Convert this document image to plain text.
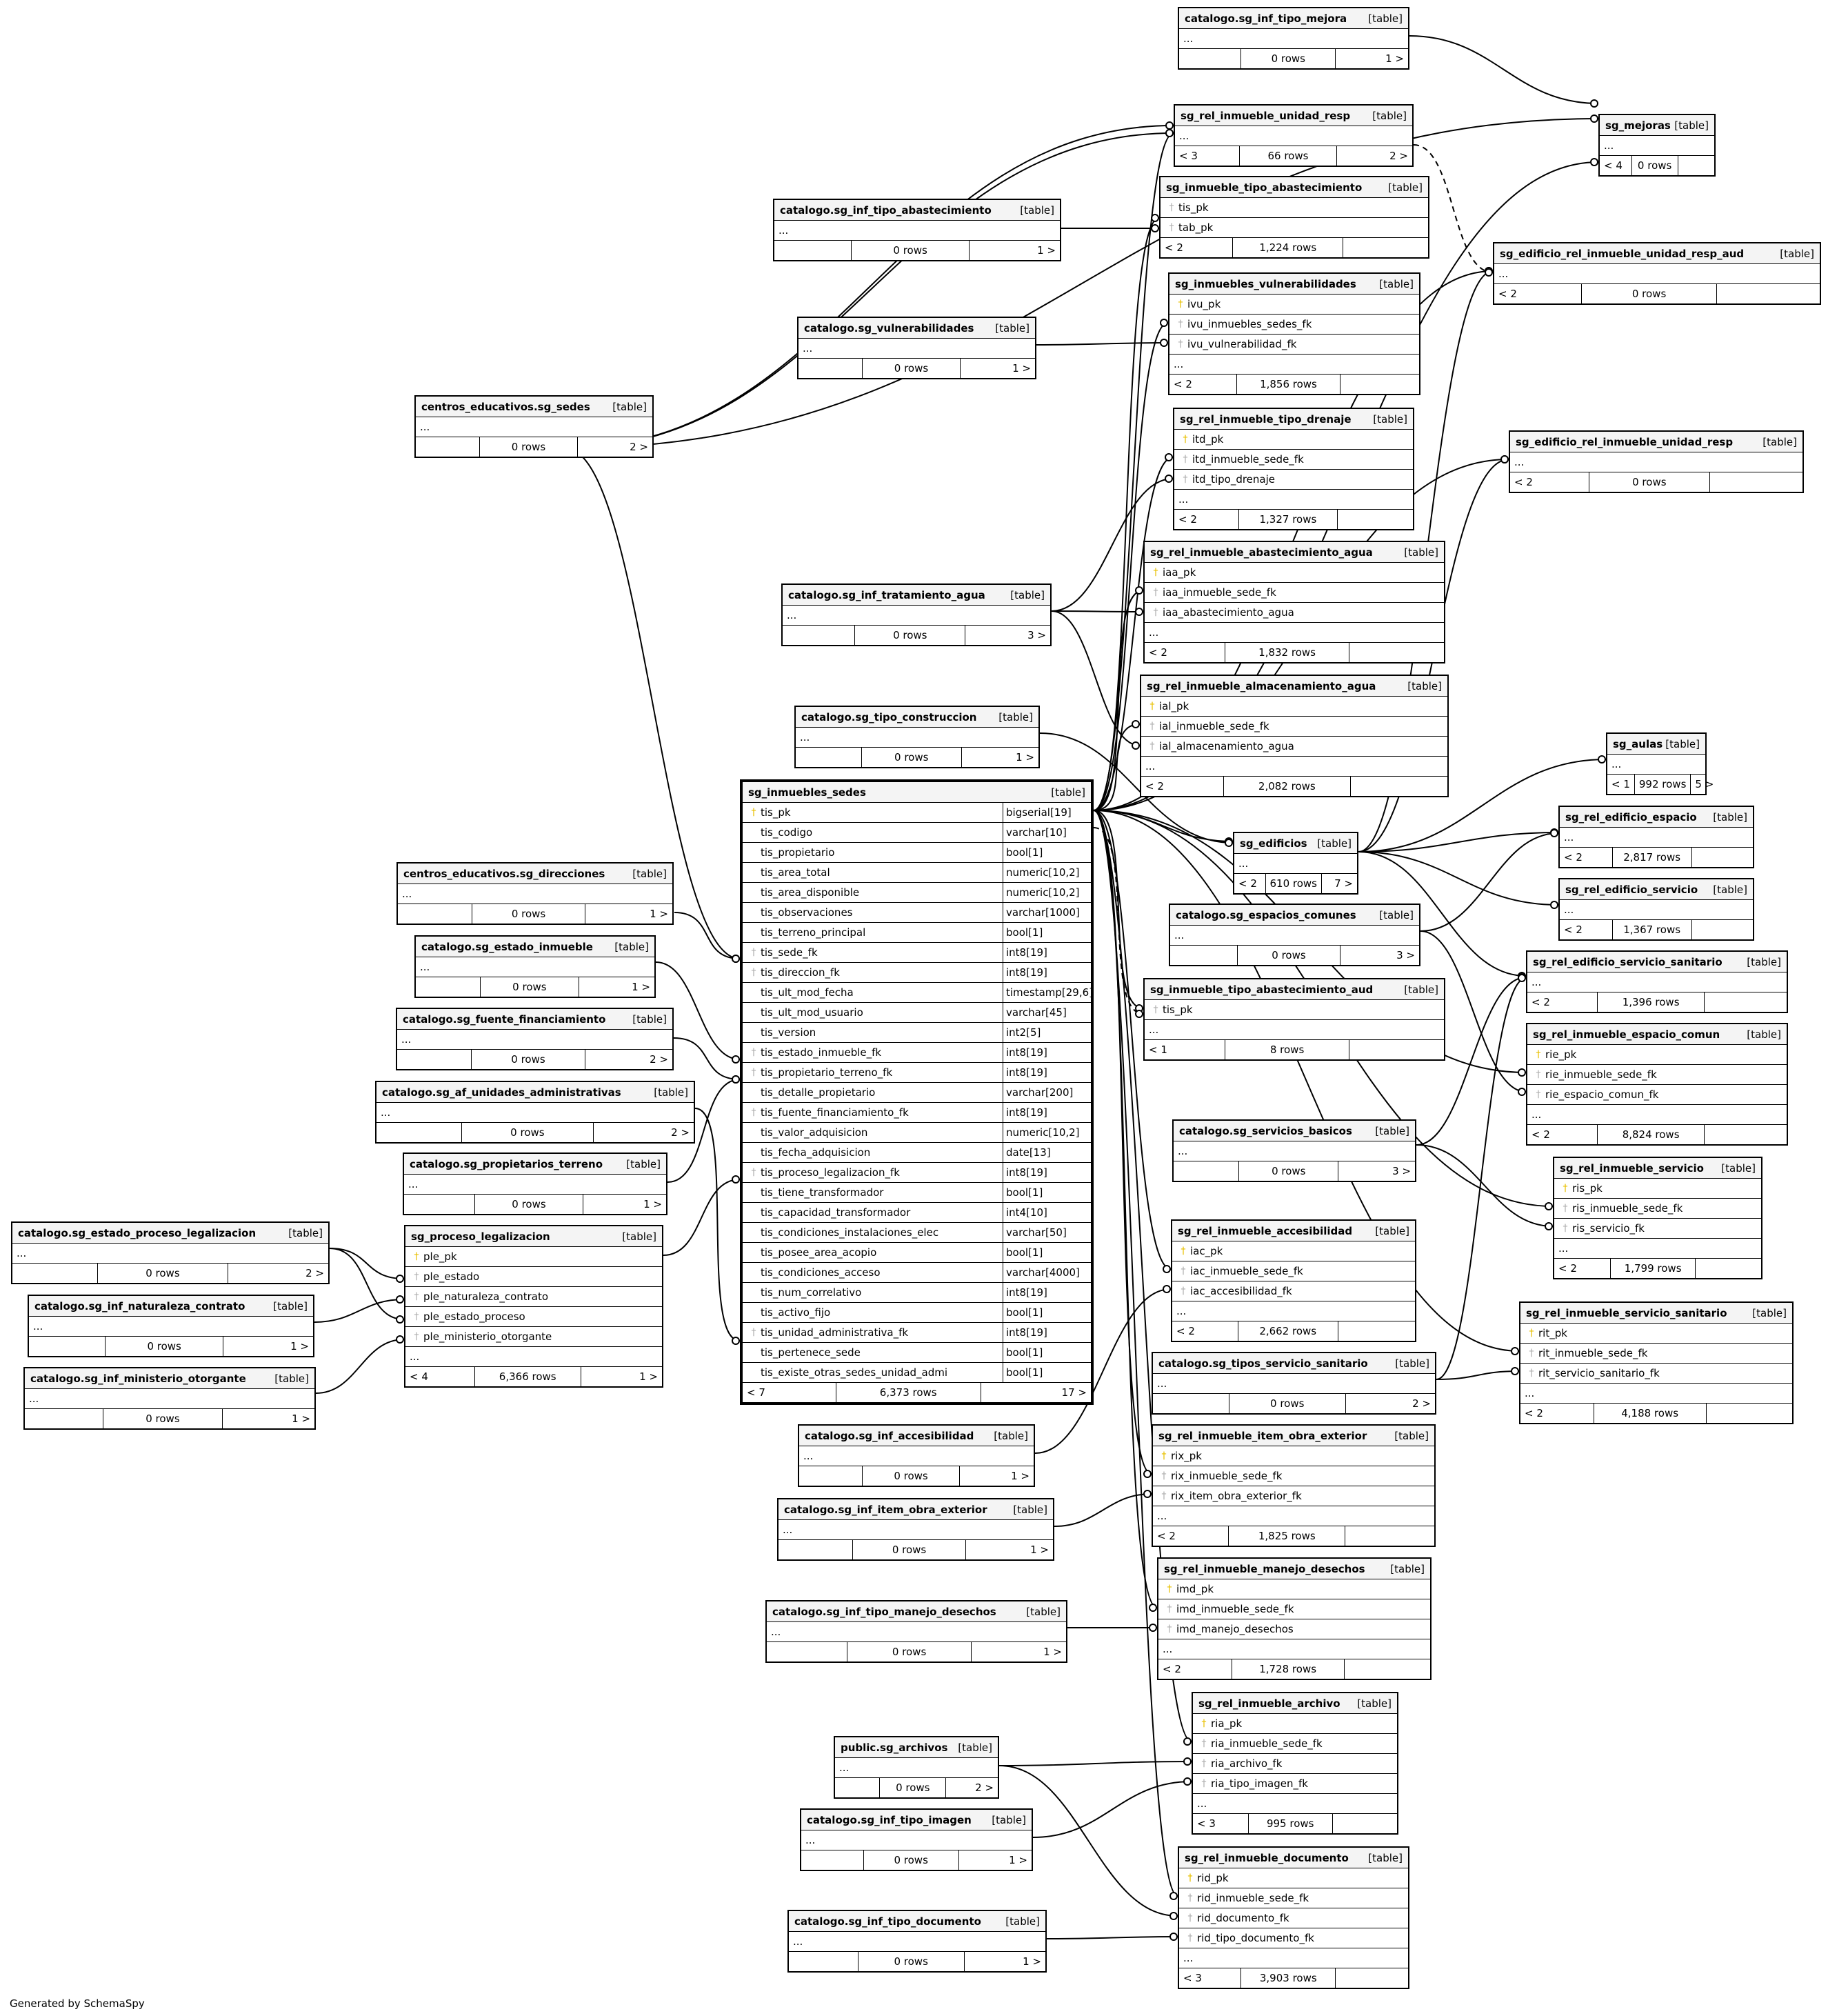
catalogo.sg_inf_tipo_mejora [table]
...
0 rows	1 >
sg_mejoras [table]
...
< 4	0 rows
sg_rel_inmueble_unidad_resp [table]
...
< 3	66 rows	2 >
sg_inmueble_tipo_abastecimiento	[table]
† tis_pk
† tab_pk
< 2	1,224 rows
catalogo.sg_inf_tipo_abastecimiento	[table]
...
0 rows	1 >	sg_edificio_rel_inmueble_unidad_resp_aud	[table]
...
< 2	0 rows
sg_inmuebles_vulnerabilidades [table]
† ivu_pk
† ivu_inmuebles_sedes_fk
† ivu_vulnerabilidad_fk
...
< 2	1,856 rows
catalogo.sg_vulnerabilidades [table]
...
0 rows	1 >
centros_educativos.sg_sedes [table]
...
0 rows	2 >
sg_rel_inmueble_tipo_drenaje [table]
† itd_pk
† itd_inmueble_sede_fk
† itd_tipo_drenaje
...
< 2	1,327 rows
sg_edificio_rel_inmueble_unidad_resp	[table]
...
< 2	0 rows
sg_rel_inmueble_abastecimiento_agua	[table]
† iaa_pk
† iaa_inmueble_sede_fk
† iaa_abastecimiento_agua
...
< 2	1,832 rows
catalogo.sg_inf_tratamiento_agua [table]
...
0 rows	3 >
sg_rel_inmueble_almacenamiento_agua	[table]
† ial_pk
† ial_inmueble_sede_fk
† ial_almacenamiento_agua
...
< 2	2,082 rows
catalogo.sg_tipo_construccion [table]
...
0 rows	1 >
sg_aulas [table]
...
< 1 992 rows 5 >
sg_edificios [table]
...
< 2	610 rows	7 >
sg_rel_edificio_espacio [table]
...
< 2	2,817 rows
sg_rel_edificio_servicio [table]
...
< 2	1,367 rows
catalogo.sg_espacios_comunes [table]
...
0 rows	3 >
sg_rel_edificio_servicio_sanitario [table]
...
< 2	1,396 rows
sg_inmueble_tipo_abastecimiento_aud	[table]
† tis_pk
...
< 1	8 rows
sg_rel_inmueble_espacio_comun	[table]
† rie_pk
† rie_inmueble_sede_fk
† rie_espacio_comun_fk
...
< 2	8,824 rows
catalogo.sg_servicios_basicos [table]
...
0 rows	3 >	sg_rel_inmueble_servicio [table]
† ris_pk
† ris_inmueble_sede_fk
† ris_servicio_fk
...
< 2	1,799 rows
centros_educativos.sg_direcciones	[table]
...
0 rows	1 >
catalogo.sg_estado_inmueble [table]
...
0 rows	1 >
catalogo.sg_fuente_financiamiento	[table]
...
0 rows	2 >
catalogo.sg_af_unidades_administrativas	[table]
...
0 rows	2 >
catalogo.sg_propietarios_terreno [table]
...
0 rows	1 >
catalogo.sg_estado_proceso_legalizacion	[table]
...
0 rows	2 >
sg_proceso_legalizacion	[table]
† ple_pk
† ple_estado
† ple_naturaleza_contrato
† ple_estado_proceso
† ple_ministerio_otorgante
...
< 4	6,366 rows	1 >
catalogo.sg_inf_naturaleza_contrato	[table]
...
0 rows	1 >
catalogo.sg_inf_ministerio_otorgante	[table]
...
0 rows	1 >
sg_rel_inmueble_accesibilidad [table]
† iac_pk
† iac_inmueble_sede_fk
† iac_accesibilidad_fk
...
< 2	2,662 rows
catalogo.sg_tipos_servicio_sanitario	[table]
...
0 rows	2 >
sg_rel_inmueble_servicio_sanitario [table]
† rit_pk
† rit_inmueble_sede_fk
† rit_servicio_sanitario_fk
...
< 2	4,188 rows
catalogo.sg_inf_accesibilidad [table]
...
0 rows	1 >
sg_rel_inmueble_item_obra_exterior	[table]
† rix_pk
† rix_inmueble_sede_fk
† rix_item_obra_exterior_fk
...
< 2	1,825 rows
catalogo.sg_inf_item_obra_exterior	[table]
...
0 rows	1 >
sg_rel_inmueble_manejo_desechos [table]
† imd_pk
† imd_inmueble_sede_fk
† imd_manejo_desechos
...
< 2	1,728 rows
catalogo.sg_inf_tipo_manejo_desechos	[table]
...
0 rows	1 >
sg_rel_inmueble_archivo [table]
† ria_pk
† ria_inmueble_sede_fk
† ria_archivo_fk
† ria_tipo_imagen_fk
...
< 3	995 rows
public.sg_archivos [table]
...
0 rows	2 >
catalogo.sg_inf_tipo_imagen [table]
...
0 rows	1 >	sg_rel_inmueble_documento [table]
† rid_pk
† rid_inmueble_sede_fk
† rid_documento_fk
† rid_tipo_documento_fk
...
< 3	3,903 rows
catalogo.sg_inf_tipo_documento [table]
...
0 rows	1 >
sg_inmuebles_sedes	[table]
† tis_pk	bigserial[19]
tis_codigo	varchar[10]
tis_propietario	bool[1]
tis_area_total	numeric[10,2]
tis_area_disponible	numeric[10,2]
tis_observaciones	varchar[1000]
tis_terreno_principal	bool[1]
† tis_sede_fk	int8[19]
† tis_direccion_fk	int8[19]
tis_ult_mod_fecha	timestamp[29,6]
tis_ult_mod_usuario	varchar[45]
tis_version	int2[5]
† tis_estado_inmueble_fk	int8[19]
† tis_propietario_terreno_fk	int8[19]
tis_detalle_propietario	varchar[200]
† tis_fuente_financiamiento_fk	int8[19]
tis_valor_adquisicion	numeric[10,2]
tis_fecha_adquisicion	date[13]
† tis_proceso_legalizacion_fk	int8[19]
tis_tiene_transformador	bool[1]
tis_capacidad_transformador	int4[10]
tis_condiciones_instalaciones_elec	varchar[50]
tis_posee_area_acopio	bool[1]
tis_condiciones_acceso	varchar[4000]
tis_num_correlativo	int8[19]
tis_activo_fijo	bool[1]
† tis_unidad_administrativa_fk	int8[19]
tis_pertenece_sede	bool[1]
tis_existe_otras_sedes_unidad_admi	bool[1]
< 7	6,373 rows	17 >
Generated by SchemaSpy
